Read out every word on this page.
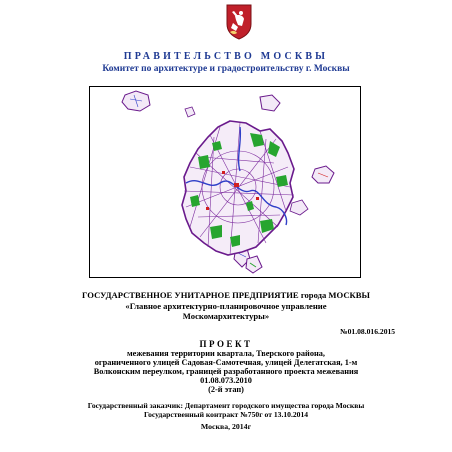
ПРАВИТЕЛЬСТВО МОСКВЫ
Комитет по архитектуре и градостроительству г. Москвы
ГОСУДАРСТВЕННОЕ УНИТАРНОЕ ПРЕДПРИЯТИЕ города МОСКВЫ
«Главное архитектурно-планировочное управление
Москомархитектуры»
№01.08.016.2015
ПРОЕКТ
межевания территории квартала, Тверского района,
ограниченного улицей Садовая-Самотечная, улицей Делегатская, 1-м
Волконским переулком, границей разработанного проекта межевания
01.08.073.2010
(2-й этап)
Государственный заказчик: Департамент городского имущества города Москвы
Государственный контракт №750г от 13.10.2014
Москва, 2014г
